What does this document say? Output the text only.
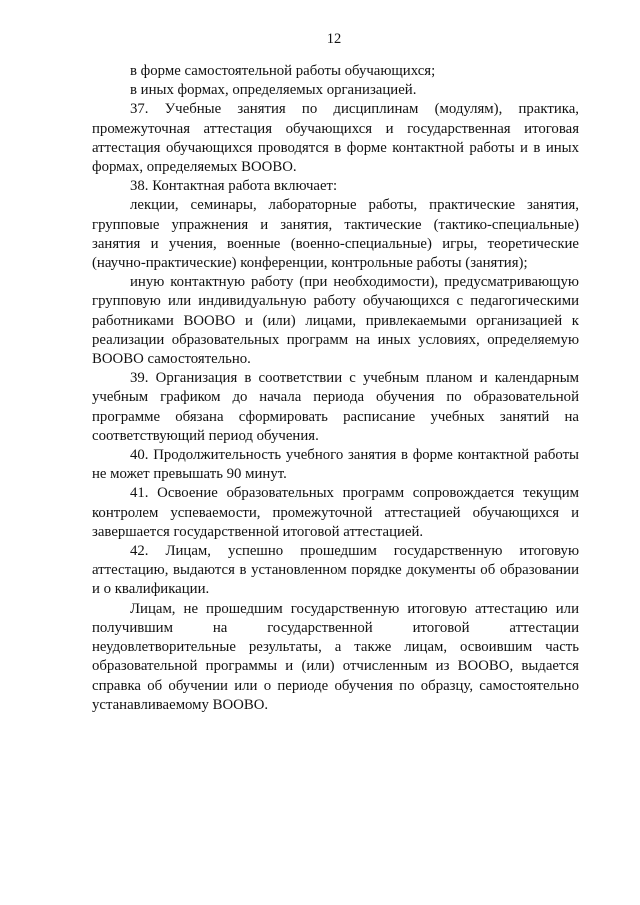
12

в форме самостоятельной работы обучающихся;

в иных формах, определяемых организацией.

37. Учебные занятия по дисциплинам (модулям), практика, промежуточная аттестация обучающихся и государственная итоговая аттестация обучающихся проводятся в форме контактной работы и в иных формах, определяемых ВООВО.

38. Контактная работа включает:

лекции, семинары, лабораторные работы, практические занятия, групповые упражнения и занятия, тактические (тактико-специальные) занятия и учения, военные (военно-специальные) игры, теоретические (научно-практические) конференции, контрольные работы (занятия);

иную контактную работу (при необходимости), предусматривающую групповую или индивидуальную работу обучающихся с педагогическими работниками ВООВО и (или) лицами, привлекаемыми организацией к реализации образовательных программ на иных условиях, определяемую ВООВО самостоятельно.

39. Организация в соответствии с учебным планом и календарным учебным графиком до начала периода обучения по образовательной программе обязана сформировать расписание учебных занятий на соответствующий период обучения.

40. Продолжительность учебного занятия в форме контактной работы не может превышать 90 минут.

41. Освоение образовательных программ сопровождается текущим контролем успеваемости, промежуточной аттестацией обучающихся и завершается государственной итоговой аттестацией.

42. Лицам, успешно прошедшим государственную итоговую аттестацию, выдаются в установленном порядке документы об образовании и о квалификации.

Лицам, не прошедшим государственную итоговую аттестацию или получившим на государственной итоговой аттестации неудовлетворительные результаты, а также лицам, освоившим часть образовательной программы и (или) отчисленным из ВООВО, выдается справка об обучении или о периоде обучения по образцу, самостоятельно устанавливаемому ВООВО.
